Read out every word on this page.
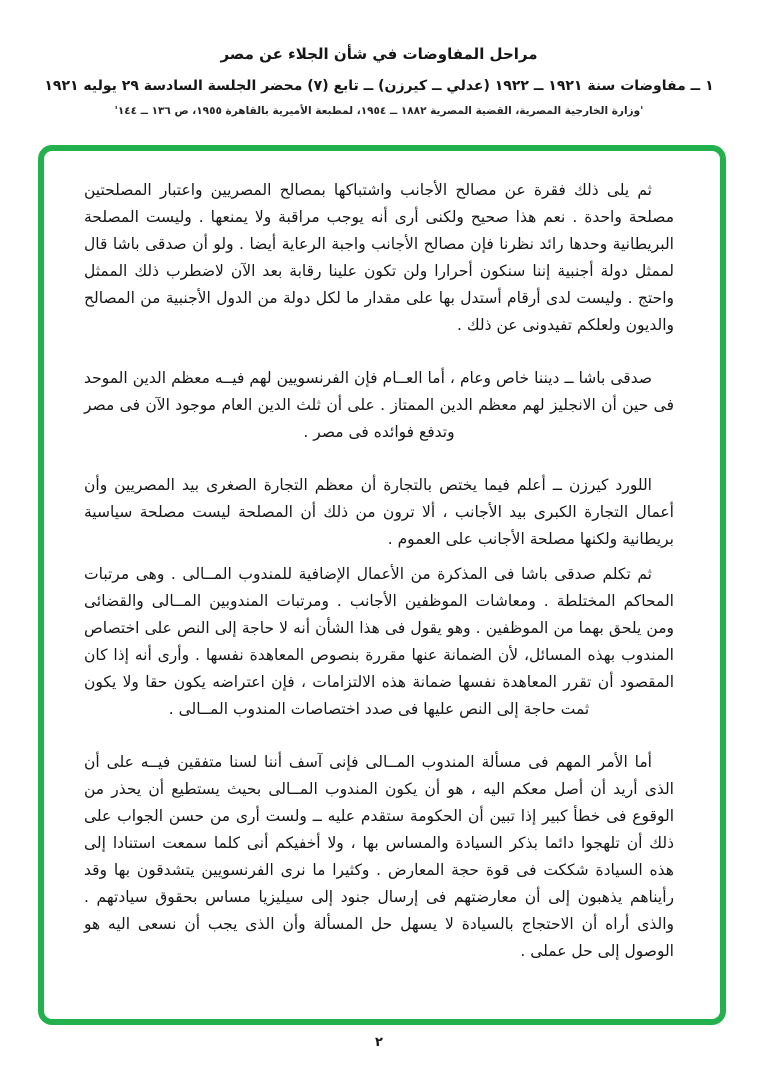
مراحل المفاوضات في شأن الجلاء عن مصر
١ ــ مفاوضات سنة ١٩٢١ ــ ١٩٢٢ (عدلي ــ كيرزن) ــ تابع (٧) محضر الجلسة السادسة ٢٩ يوليه ١٩٢١
'وزارة الخارجية المصرية، القضية المصرية ١٨٨٢ ــ ١٩٥٤، لمطبعة الأميرية بالقاهرة ١٩٥٥، ص ١٣٦ ــ ١٤٤'

ثم يلى ذلك فقرة عن مصالح الأجانب واشتباكها بمصالح المصريين واعتبار المصلحتين مصلحة واحدة . نعم هذا صحيح ولكنى أرى أنه يوجب مراقبة ولا يمنعها . وليست المصلحة البريطانية وحدها رائد نظرنا فإن مصالح الأجانب واجبة الرعاية أيضا . ولو أن صدقى باشا قال لممثل دولة أجنبية إننا سنكون أحرارا ولن تكون علينا رقابة بعد الآن لاضطرب ذلك الممثل واحتج . وليست لدى أرقام أستدل بها على مقدار ما لكل دولة من الدول الأجنبية من المصالح والديون ولعلكم تفيدونى عن ذلك .

صدقى باشا ــ ديننا خاص وعام ، أما العــام فإن الفرنسويين لهم فيــه معظم الدين الموحد فى حين أن الانجليز لهم معظم الدين الممتاز . على أن ثلث الدين العام موجود الآن فى مصر وتدفع فوائده فى مصر .

اللورد كيرزن ــ أعلم فيما يختص بالتجارة أن معظم التجارة الصغرى بيد المصريين وأن أعمال التجارة الكبرى بيد الأجانب ، ألا ترون من ذلك أن المصلحة ليست مصلحة سياسية بريطانية ولكنها مصلحة الأجانب على العموم .

ثم تكلم صدقى باشا فى المذكرة من الأعمال الإضافية للمندوب المــالى . وهى مرتبات المحاكم المختلطة . ومعاشات الموظفين الأجانب . ومرتبات المندوبين المــالى والقضائى ومن يلحق بهما من الموظفين . وهو يقول فى هذا الشأن أنه لا حاجة إلى النص على اختصاص المندوب بهذه المسائل، لأن الضمانة عنها مقررة بنصوص المعاهدة نفسها . وأرى أنه إذا كان المقصود أن تقرر المعاهدة نفسها ضمانة هذه الالتزامات ، فإن اعتراضه يكون حقا ولا يكون ثمت حاجة إلى النص عليها فى صدد اختصاصات المندوب المــالى .

أما الأمر المهم فى مسألة المندوب المــالى فإنى آسف أننا لسنا متفقين فيــه على أن الذى أريد أن أصل معكم اليه ، هو أن يكون المندوب المــالى بحيث يستطيع أن يحذر من الوقوع فى خطأ كبير إذا تبين أن الحكومة ستقدم عليه ــ ولست أرى من حسن الجواب على ذلك أن تلهجوا دائما بذكر السيادة والمساس بها ، ولا أخفيكم أنى كلما سمعت استنادا إلى هذه السيادة شككت فى قوة حجة المعارض . وكثيرا ما نرى الفرنسويين يتشدقون بها وقد رأيناهم يذهبون إلى أن معارضتهم فى إرسال جنود إلى سيليزيا مساس بحقوق سيادتهم . والذى أراه أن الاحتجاج بالسيادة لا يسهل حل المسألة وأن الذى يجب أن نسعى اليه هو الوصول إلى حل عملى .

٢
